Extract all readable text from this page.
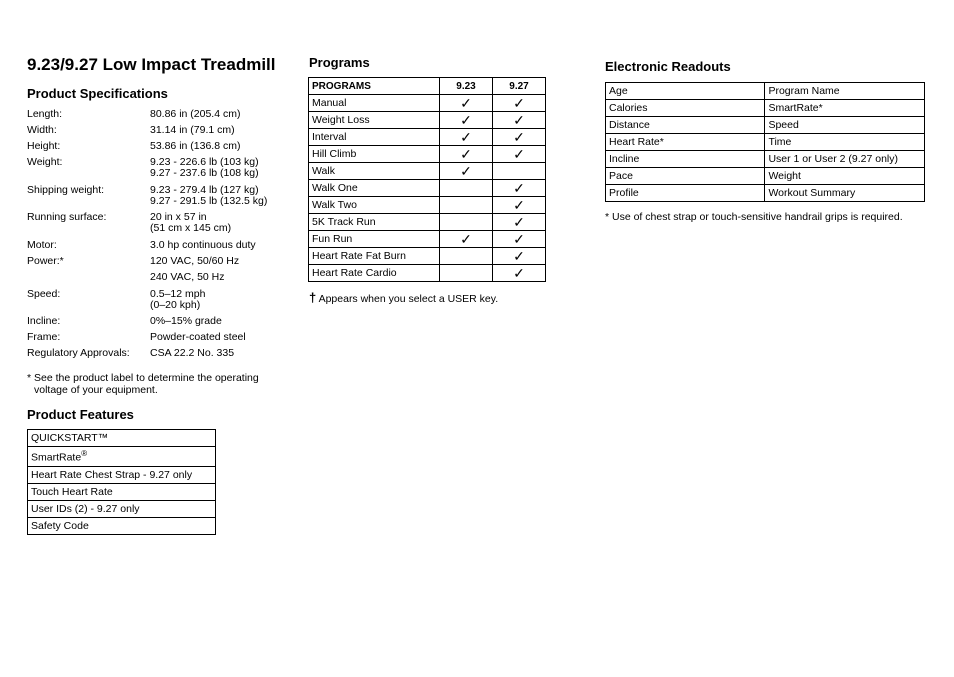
9.23/9.27 Low Impact Treadmill
Product Specifications
Length:	80.86 in (205.4 cm)
Width:	31.14 in (79.1 cm)
Height:	53.86 in (136.8 cm)
Weight:	9.23 - 226.6 lb (103 kg)
9.27 - 237.6 lb (108 kg)
Shipping weight:	9.23 - 279.4 lb (127 kg)
9.27 - 291.5 lb (132.5 kg)
Running surface:	20 in x 57 in
(51 cm x 145 cm)
Motor:	3.0 hp continuous duty
Power:*	120 VAC, 50/60 Hz
240 VAC, 50 Hz
Speed:	0.5–12 mph
(0–20 kph)
Incline:	0%–15% grade
Frame:	Powder-coated steel
Regulatory Approvals:	CSA 22.2 No. 335
* See the product label to determine the operating
voltage of your equipment.
Product Features
QUICKSTART™
SmartRate®
Heart Rate Chest Strap - 9.27 only
Touch Heart Rate
User IDs (2) - 9.27 only
Safety Code
Programs
PROGRAMS	9.23	9.27
Manual	✓	✓
Weight Loss	✓	✓
Interval	✓	✓
Hill Climb	✓	✓
Walk	✓	
Walk One		✓
Walk Two		✓
5K Track Run		✓
Fun Run	✓	✓
Heart Rate Fat Burn		✓
Heart Rate Cardio		✓
† Appears when you select a USER key.
Electronic Readouts
Age	Program Name
Calories	SmartRate*
Distance	Speed
Heart Rate*	Time
Incline	User 1 or User 2 (9.27 only)
Pace	Weight
Profile	Workout Summary
* Use of chest strap or touch-sensitive handrail grips is required.
